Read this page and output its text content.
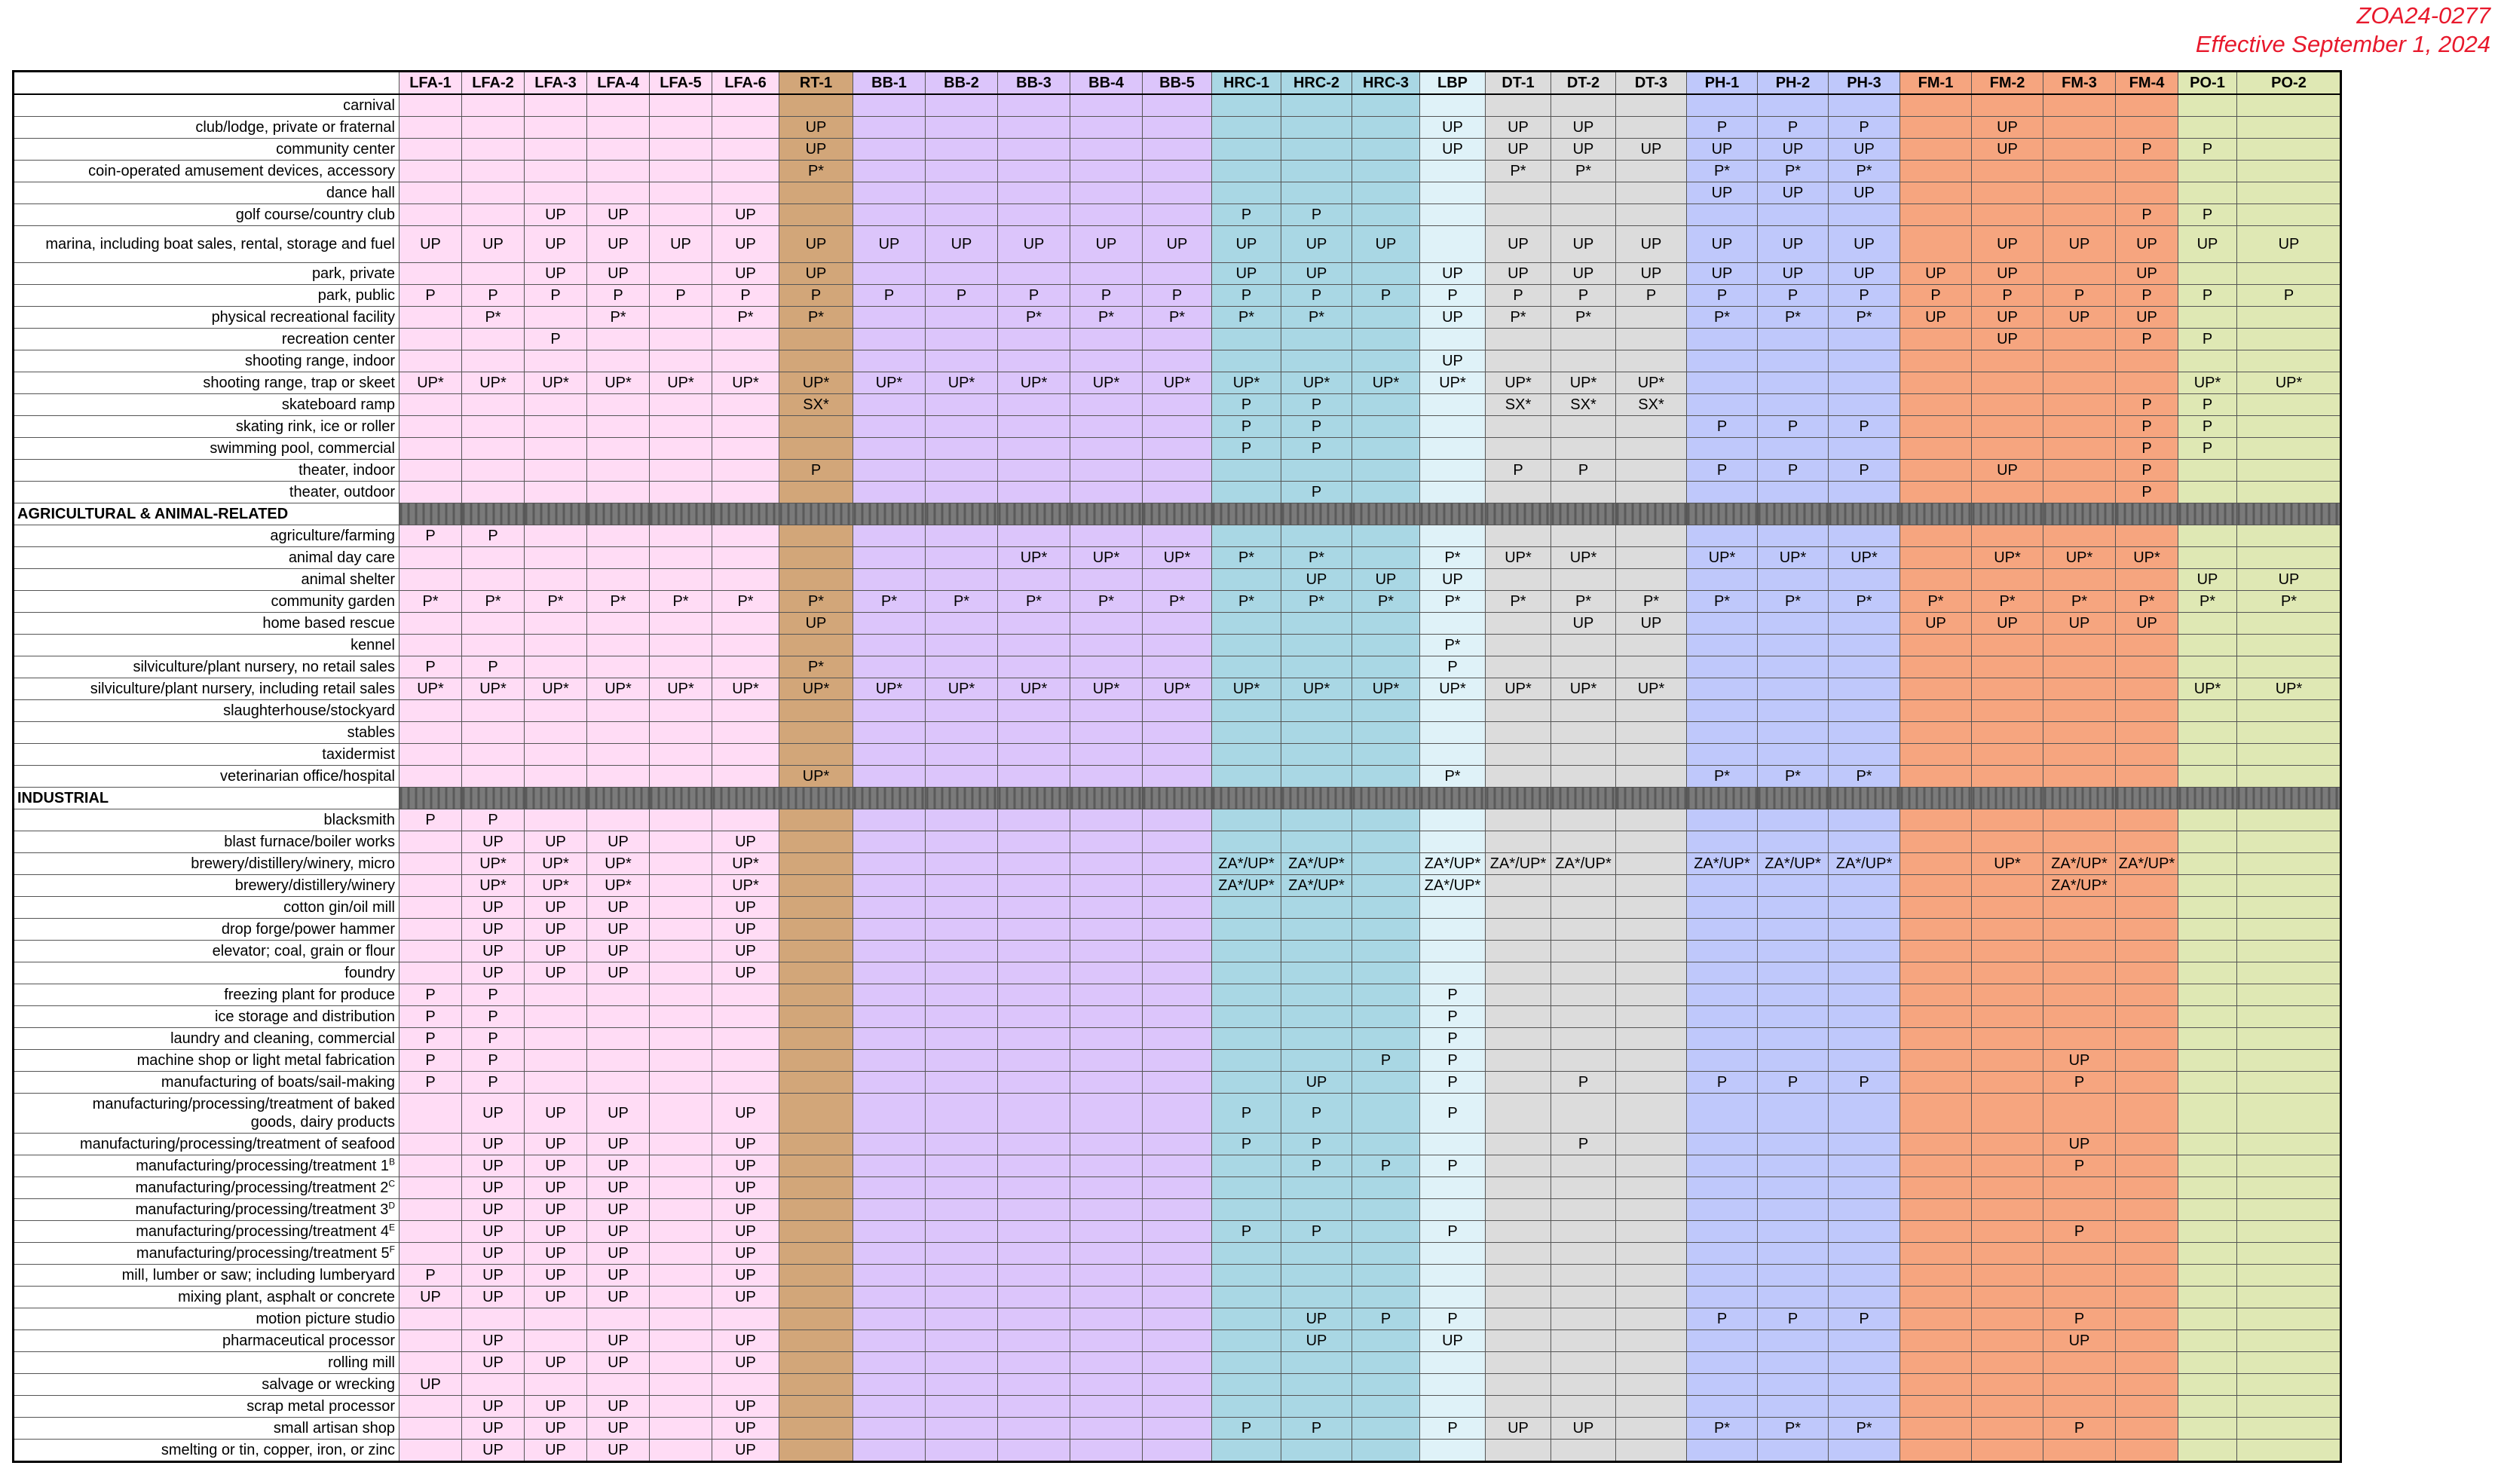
ZOA24-0277
Effective September 1, 2024
	LFA-1	LFA-2	LFA-3	LFA-4	LFA-5	LFA-6	RT-1	BB-1	BB-2	BB-3	BB-4	BB-5	HRC-1	HRC-2	HRC-3	LBP	DT-1	DT-2	DT-3	PH-1	PH-2	PH-3	FM-1	FM-2	FM-3	FM-4	PO-1	PO-2	
carnival																													
club/lodge, private or fraternal							UP									UP	UP	UP		P	P	P		UP					
community center							UP									UP	UP	UP	UP	UP	UP	UP		UP		P	P		
coin-operated amusement devices, accessory							P*										P*	P*		P*	P*	P*							
dance hall																				UP	UP	UP							
golf course/country club			UP	UP		UP							P	P												P	P		
marina, including boat sales, rental, storage and fuel	UP	UP	UP	UP	UP	UP	UP	UP	UP	UP	UP	UP	UP	UP	UP		UP	UP	UP	UP	UP	UP		UP	UP	UP	UP	UP	
park, private			UP	UP		UP	UP						UP	UP		UP	UP	UP	UP	UP	UP	UP	UP	UP		UP			
park, public	P	P	P	P	P	P	P	P	P	P	P	P	P	P	P	P	P	P	P	P	P	P	P	P	P	P	P	P	
physical recreational facility		P*		P*		P*	P*			P*	P*	P*	P*	P*		UP	P*	P*		P*	P*	P*	UP	UP	UP	UP			
recreation center			P																					UP		P	P		
shooting range, indoor																UP													
shooting range, trap or skeet	UP*	UP*	UP*	UP*	UP*	UP*	UP*	UP*	UP*	UP*	UP*	UP*	UP*	UP*	UP*	UP*	UP*	UP*	UP*								UP*	UP*	
skateboard ramp							SX*						P	P			SX*	SX*	SX*							P	P		
skating rink, ice or roller													P	P						P	P	P				P	P		
swimming pool, commercial													P	P												P	P		
theater, indoor							P										P	P		P	P	P		UP		P			
theater, outdoor														P												P			
AGRICULTURAL & ANIMAL-RELATED																													
agriculture/farming	P	P																											
animal day care										UP*	UP*	UP*	P*	P*		P*	UP*	UP*		UP*	UP*	UP*		UP*	UP*	UP*			
animal shelter														UP	UP	UP											UP	UP	
community garden	P*	P*	P*	P*	P*	P*	P*	P*	P*	P*	P*	P*	P*	P*	P*	P*	P*	P*	P*	P*	P*	P*	P*	P*	P*	P*	P*	P*	
home based rescue							UP											UP	UP				UP	UP	UP	UP			
kennel																P*													
silviculture/plant nursery, no retail sales	P	P					P*									P													
silviculture/plant nursery, including retail sales	UP*	UP*	UP*	UP*	UP*	UP*	UP*	UP*	UP*	UP*	UP*	UP*	UP*	UP*	UP*	UP*	UP*	UP*	UP*								UP*	UP*	
slaughterhouse/stockyard																													
stables																													
taxidermist																													
veterinarian office/hospital							UP*									P*				P*	P*	P*							
INDUSTRIAL																													
blacksmith	P	P																											
blast furnace/boiler works		UP	UP	UP		UP																							
brewery/distillery/winery, micro		UP*	UP*	UP*		UP*							ZA*/UP*	ZA*/UP*		ZA*/UP*	ZA*/UP*	ZA*/UP*		ZA*/UP*	ZA*/UP*	ZA*/UP*		UP*	ZA*/UP*	ZA*/UP*			
brewery/distillery/winery		UP*	UP*	UP*		UP*							ZA*/UP*	ZA*/UP*		ZA*/UP*									ZA*/UP*				
cotton gin/oil mill		UP	UP	UP		UP																							
drop forge/power hammer		UP	UP	UP		UP																							
elevator; coal, grain or flour		UP	UP	UP		UP																							
foundry		UP	UP	UP		UP																							
freezing plant for produce	P	P														P													
ice storage and distribution	P	P														P													
laundry and cleaning, commercial	P	P														P													
machine shop or light metal fabrication	P	P													P	P									UP				
manufacturing of boats/sail-making	P	P												UP		P		P		P	P	P			P				

manufacturing/processing/treatment of baked
goods, dairy products		UP	UP	UP		UP							P	P		P													
manufacturing/processing/treatment of seafood		UP	UP	UP		UP							P	P				P							UP				
manufacturing/processing/treatment $1^B$		UP	UP	UP		UP								P	P	P									P				
manufacturing/processing/treatment $2^C$		UP	UP	UP		UP																							
manufacturing/processing/treatment $3^D$		UP	UP	UP		UP																							
manufacturing/processing/treatment $4^E$		UP	UP	UP		UP							P	P		P									P				
manufacturing/processing/treatment $5^F$		UP	UP	UP		UP																							
mill, lumber or saw; including lumberyard	P	UP	UP	UP		UP																							
mixing plant, asphalt or concrete	UP	UP	UP	UP		UP																							
motion picture studio														UP	P	P				P	P	P			P				
pharmaceutical processor		UP		UP		UP								UP		UP									UP				
rolling mill		UP	UP	UP		UP																							
salvage or wrecking	UP																												
scrap metal processor		UP	UP	UP		UP																							
small artisan shop		UP	UP	UP		UP							P	P		P	UP	UP		P*	P*	P*			P				
smelting or tin, copper, iron, or zinc		UP	UP	UP		UP																							
